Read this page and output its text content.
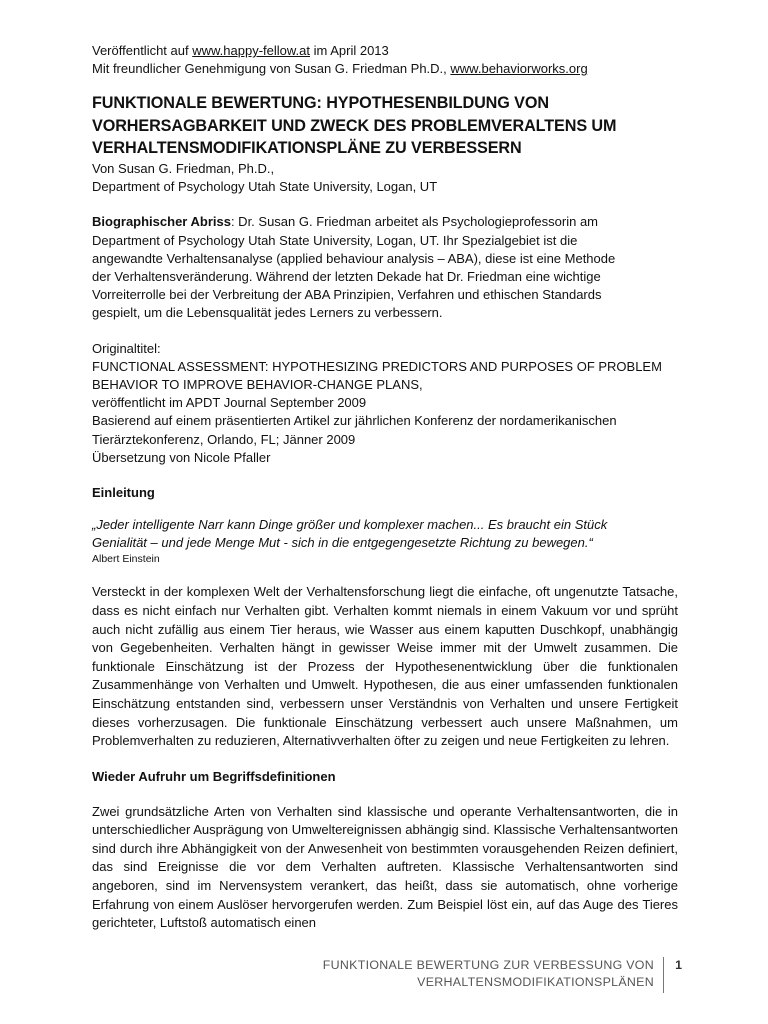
Veröffentlicht auf www.happy-fellow.at im April 2013
Mit freundlicher Genehmigung von Susan G. Friedman Ph.D., www.behaviorworks.org
FUNKTIONALE BEWERTUNG: HYPOTHESENBILDUNG VON
VORHERSAGBARKEIT UND ZWECK DES PROBLEMVERALTENS UM
VERHALTENSMODIFIKATIONSPLÄNE ZU VERBESSERN
Von Susan G. Friedman, Ph.D.,
Department of Psychology Utah State University, Logan, UT
Biographischer Abriss: Dr. Susan G. Friedman arbeitet als Psychologieprofessorin am
Department of Psychology Utah State University, Logan, UT. Ihr Spezialgebiet ist die
angewandte Verhaltensanalyse (applied behaviour analysis – ABA), diese ist eine Methode
der Verhaltensveränderung. Während der letzten Dekade hat Dr. Friedman eine wichtige
Vorreiterrolle bei der Verbreitung der ABA Prinzipien, Verfahren und ethischen Standards
gespielt, um die Lebensqualität jedes Lerners zu verbessern.
Originaltitel:
FUNCTIONAL ASSESSMENT: HYPOTHESIZING PREDICTORS AND PURPOSES OF PROBLEM
BEHAVIOR TO IMPROVE BEHAVIOR-CHANGE PLANS,
veröffentlicht im APDT Journal September 2009
Basierend auf einem präsentierten Artikel zur jährlichen Konferenz der nordamerikanischen
Tierärztekonferenz, Orlando, FL; Jänner 2009
Übersetzung von Nicole Pfaller
Einleitung
„Jeder intelligente Narr kann Dinge größer und komplexer machen... Es braucht ein Stück
Genialität – und jede Menge Mut - sich in die entgegengesetzte Richtung zu bewegen.“
Albert Einstein

Versteckt in der komplexen Welt der Verhaltensforschung liegt die einfache, oft ungenutzte Tatsache, dass es nicht einfach nur Verhalten gibt. Verhalten kommt niemals in einem Vakuum vor und sprüht auch nicht zufällig aus einem Tier heraus, wie Wasser aus einem kaputten Duschkopf, unabhängig von Gegebenheiten. Verhalten hängt in gewisser Weise immer mit der Umwelt zusammen. Die funktionale Einschätzung ist der Prozess der Hypothesenentwicklung über die funktionalen Zusammenhänge von Verhalten und Umwelt. Hypothesen, die aus einer umfassenden funktionalen Einschätzung entstanden sind, verbessern unser Verständnis von Verhalten und unsere Fertigkeit dieses vorherzusagen. Die funktionale Einschätzung verbessert auch unsere Maßnahmen, um Problemverhalten zu reduzieren, Alternativverhalten öfter zu zeigen und neue Fertigkeiten zu lehren.

Wieder Aufruhr um Begriffsdefinitionen

Zwei grundsätzliche Arten von Verhalten sind klassische und operante Verhaltensantworten, die in unterschiedlicher Ausprägung von Umweltereignissen abhängig sind. Klassische Verhaltensantworten sind durch ihre Abhängigkeit von der Anwesenheit von bestimmten vorausgehenden Reizen definiert, das sind Ereignisse die vor dem Verhalten auftreten. Klassische Verhaltensantworten sind angeboren, sind im Nervensystem verankert, das heißt, dass sie automatisch, ohne vorherige Erfahrung von einem Auslöser hervorgerufen werden. Zum Beispiel löst ein, auf das Auge des Tieres gerichteter, Luftstoß automatisch einen

FUNKTIONALE BEWERTUNG ZUR VERBESSUNG VON
VERHALTENSMODIFIKATIONSPLÄNEN
1
